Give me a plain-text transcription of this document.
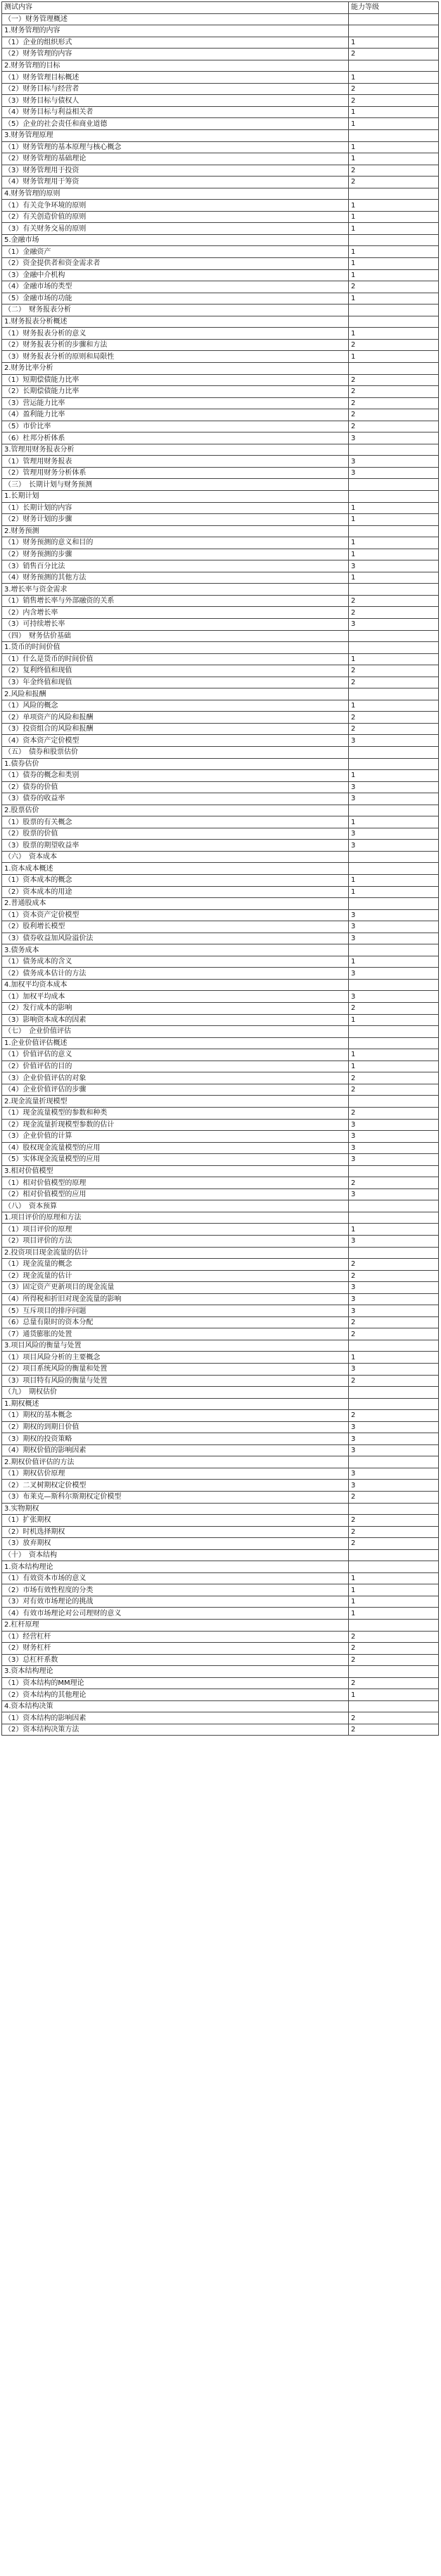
测试内容	能力等级
（一）财务管理概述	
1.财务管理的内容	
（1）企业的组织形式	1
（2）财务管理的内容	2
2.财务管理的目标	
（1）财务管理目标概述	1
（2）财务目标与经营者	2
（3）财务目标与债权人	2
（4）财务目标与利益相关者	1
（5）企业的社会责任和商业道德	1
3.财务管理原理	
（1）财务管理的基本原理与核心概念	1
（2）财务管理的基础理论	1
（3）财务管理用于投资	2
（4）财务管理用于筹资	2
4.财务管理的原则	
（1）有关竞争环境的原则	1
（2）有关创造价值的原则	1
（3）有关财务交易的原则	1
5.金融市场	
（1）金融资产	1
（2）资金提供者和资金需求者	1
（3）金融中介机构	1
（4）金融市场的类型	2
（5）金融市场的功能	1
（二）　财务报表分析	
1.财务报表分析概述	
（1）财务报表分析的意义	1
（2）财务报表分析的步骤和方法	2
（3）财务报表分析的原则和局限性	1
2.财务比率分析	
（1）短期偿债能力比率	2
（2）长期偿债能力比率	2
（3）营运能力比率	2
（4）盈利能力比率	2
（5）市价比率	2
（6）杜邦分析体系	3
3.管理用财务报表分析	
（1）管理用财务报表	3
（2）管理用财务分析体系	3
（三）　长期计划与财务预测	
1.长期计划	
（1）长期计划的内容	1
（2）财务计划的步骤	1
2.财务预测	
（1）财务预测的意义和目的	1
（2）财务预测的步骤	1
（3）销售百分比法	3
（4）财务预测的其他方法	1
3.增长率与资金需求	
（1）销售增长率与外部融资的关系	2
（2）内含增长率	2
（3）可持续增长率	3
（四）　财务估价基础	
1.货币的时间价值	
（1）什么是货币的时间价值	1
（2）复利终值和现值	2
（3）年金终值和现值	2
2.风险和报酬	
（1）风险的概念	1
（2）单项资产的风险和报酬	2
（3）投资组合的风险和报酬	2
（4）资本资产定价模型	3
（五）　债券和股票估价	
1.债券估价	
（1）债券的概念和类别	1
（2）债券的价值	3
（3）债券的收益率	3
2.股票估价	
（1）股票的有关概念	1
（2）股票的价值	3
（3）股票的期望收益率	3
（六）　资本成本	
1.资本成本概述	
（1）资本成本的概念	1
（2）资本成本的用途	1
2.普通股成本	
（1）资本资产定价模型	3
（2）股利增长模型	3
（3）债券收益加风险溢价法	3
3.债务成本	
（1）债务成本的含义	1
（2）债务成本估计的方法	3
4.加权平均资本成本	
（1）加权平均成本	3
（2）发行成本的影响	2
（3）影响资本成本的因素	1
（七）　企业价值评估	
1.企业价值评估概述	
（1）价值评估的意义	1
（2）价值评估的目的	1
（3）企业价值评估的对象	2
（4）企业价值评估的步骤	2
2.现金流量折现模型	
（1）现金流量模型的参数和种类	2
（2）现金流量折现模型参数的估计	3
（3）企业价值的计算	3
（4）股权现金流量模型的应用	3
（5）实体现金流量模型的应用	3
3.相对价值模型	
（1）相对价值模型的原理	2
（2）相对价值模型的应用	3
（八）　资本预算	
1.项目评价的原理和方法	
（1）项目评价的原理	1
（2）项目评价的方法	3
2.投资项目现金流量的估计	
（1）现金流量的概念	2
（2）现金流量的估计	2
（3）固定资产更新项目的现金流量	3
（4）所得税和折旧对现金流量的影响	3
（5）互斥项目的排序问题	3
（6）总量有限时的资本分配	2
（7）通货膨胀的处置	2
3.项目风险的衡量与处置	
（1）项目风险分析的主要概念	1
（2）项目系统风险的衡量和处置	3
（3）项目特有风险的衡量与处置	2
（九）　期权估价	
1.期权概述	
（1）期权的基本概念	2
（2）期权的到期日价值	3
（3）期权的投资策略	3
（4）期权价值的影响因素	3
2.期权价值评估的方法	
（1）期权估价原理	3
（2）二叉树期权定价模型	3
（3）布莱克—斯科尔斯期权定价模型	2
3.实物期权	
（1）扩张期权	2
（2）时机选择期权	2
（3）放弃期权	2
（十）　资本结构	
1.资本结构理论	
（1）有效资本市场的意义	1
（2）市场有效性程度的分类	1
（3）对有效市场理论的挑战	1
（4）有效市场理论对公司理财的意义	1
2.杠杆原理	
（1）经营杠杆	2
（2）财务杠杆	2
（3）总杠杆系数	2
3.资本结构理论	
（1）资本结构的MM理论	2
（2）资本结构的其他理论	1
4.资本结构决策	
（1）资本结构的影响因素	2
（2）资本结构决策方法	2
